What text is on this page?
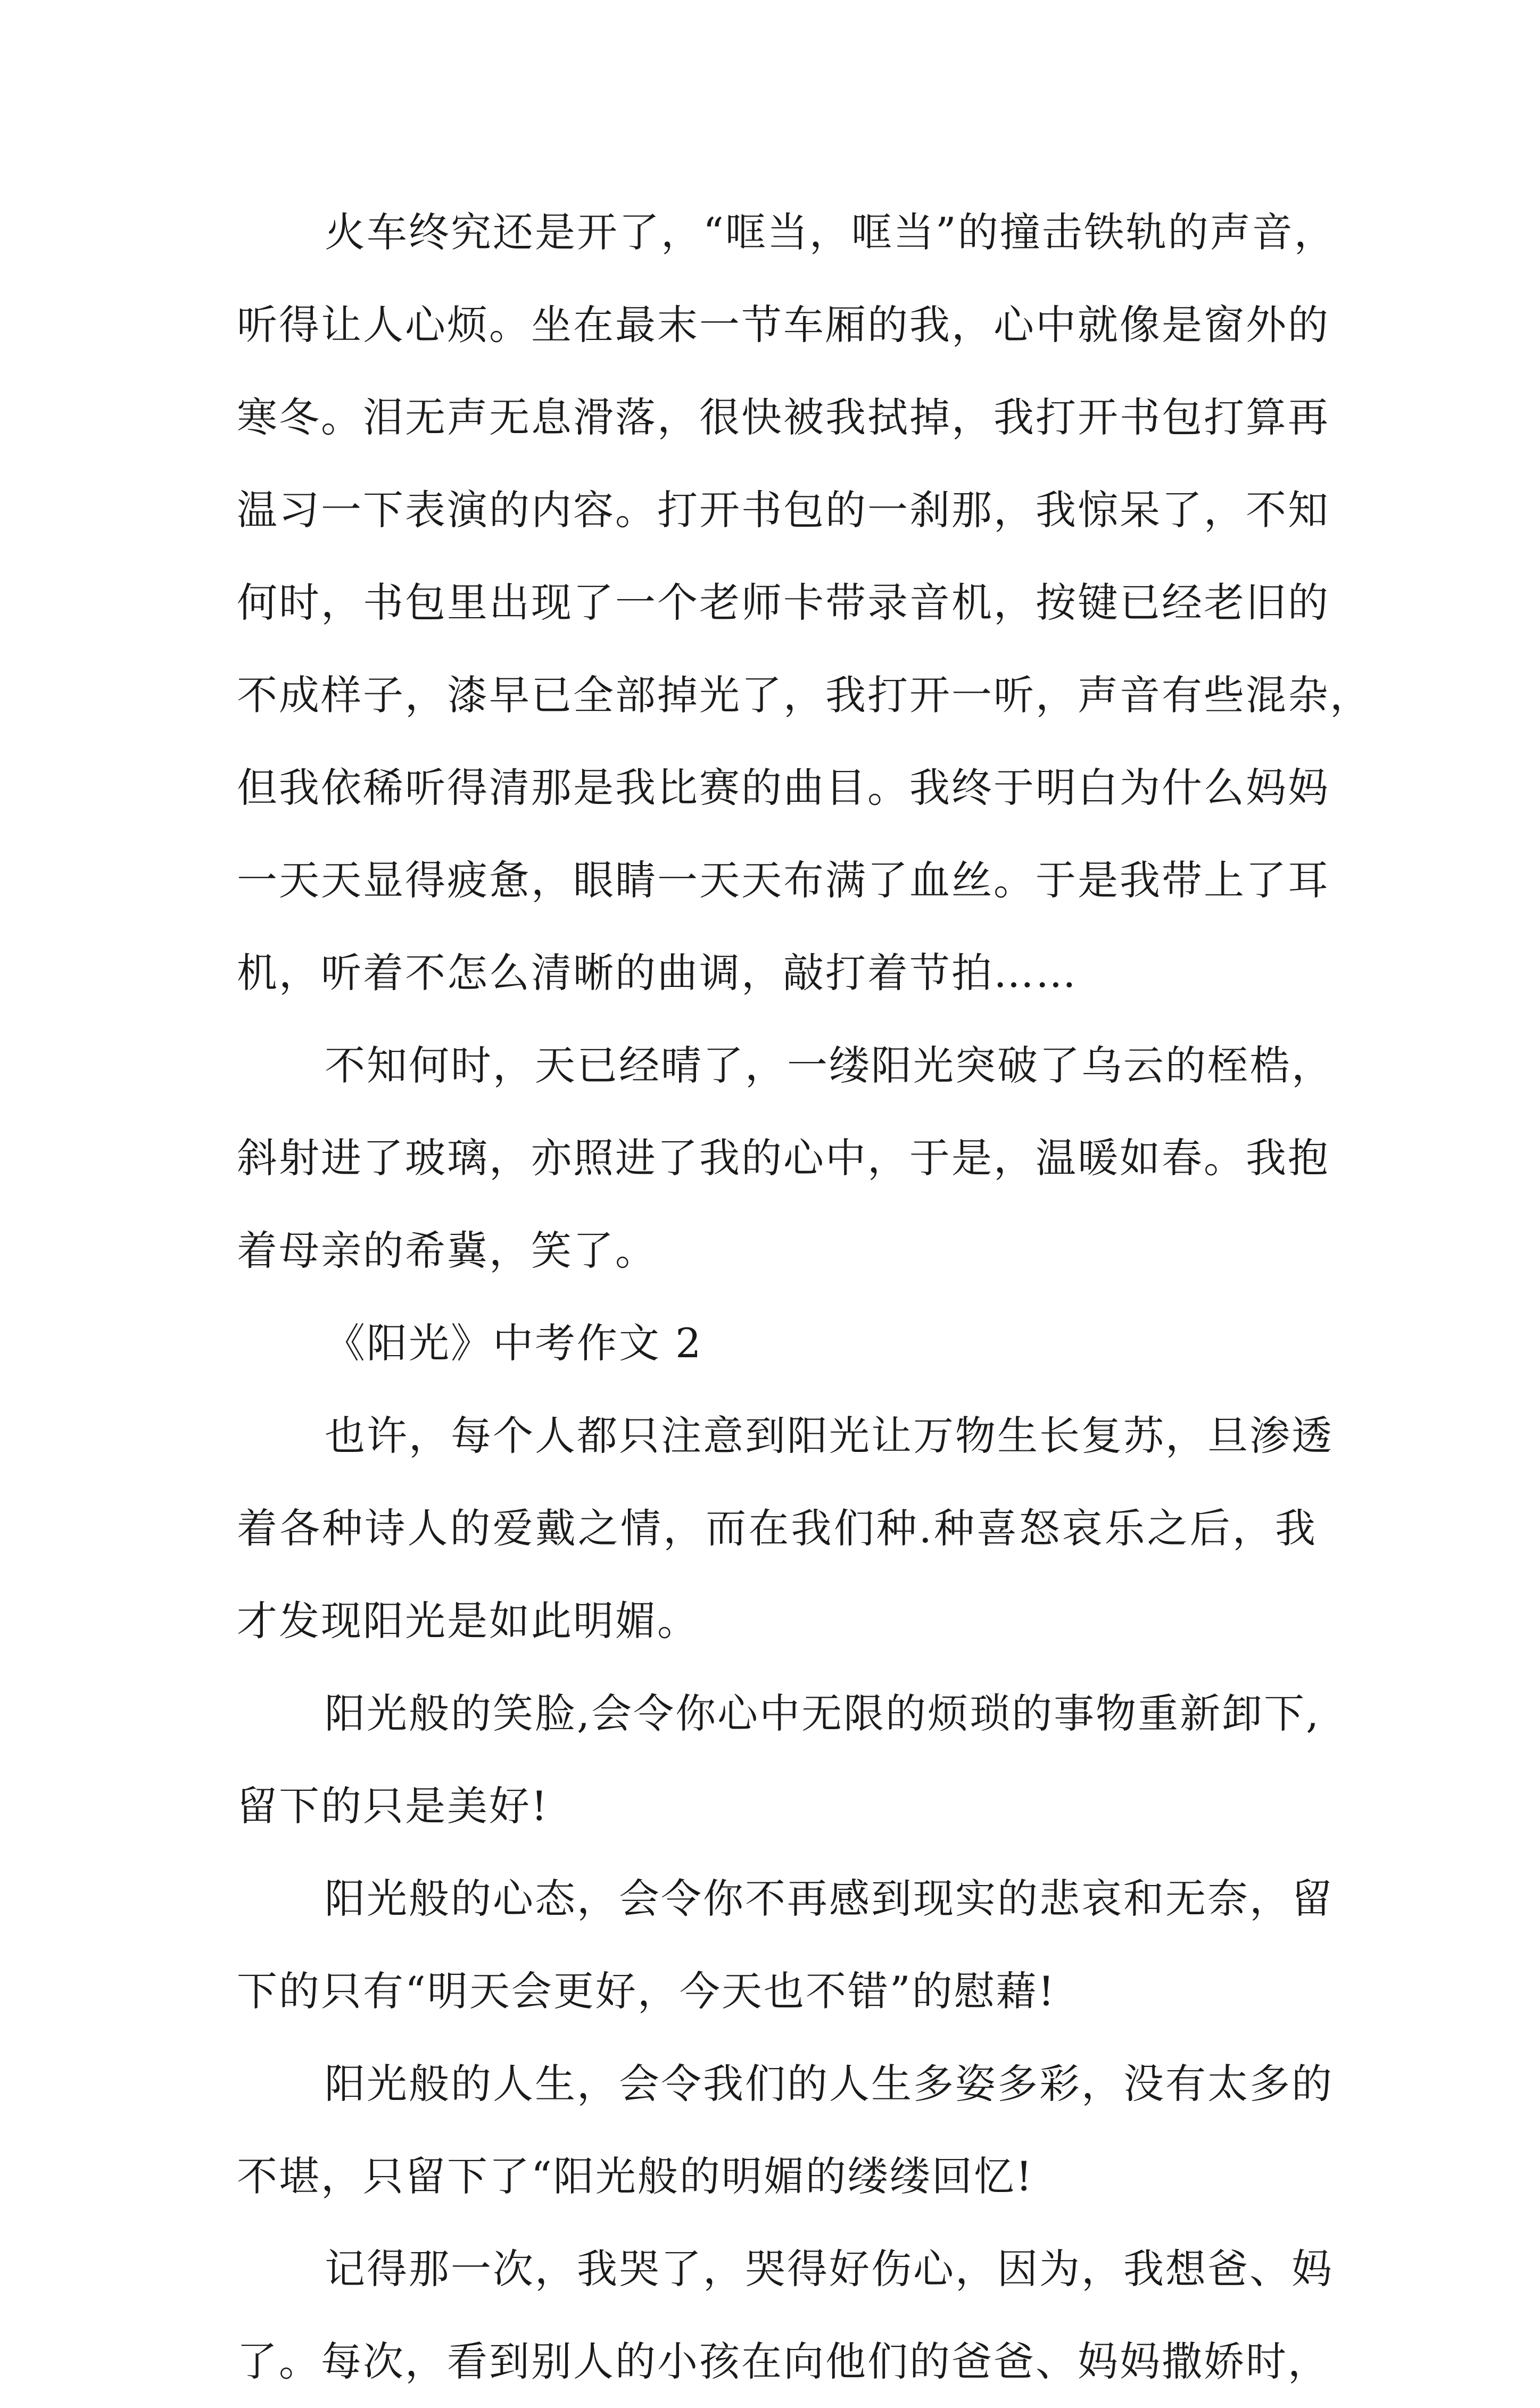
火车终究还是开了，“哐当，哐当”的撞击铁轨的声音，
听得让人心烦。坐在最末一节车厢的我，心中就像是窗外的
寒冬。泪无声无息滑落，很快被我拭掉，我打开书包打算再
温习一下表演的内容。打开书包的一刹那，我惊呆了，不知
何时，书包里出现了一个老师卡带录音机，按键已经老旧的
不成样子，漆早已全部掉光了，我打开一听，声音有些混杂，
但我依稀听得清那是我比赛的曲目。我终于明白为什么妈妈
一天天显得疲惫，眼睛一天天布满了血丝。于是我带上了耳
机，听着不怎么清晰的曲调，敲打着节拍……
不知何时，天已经晴了，一缕阳光突破了乌云的桎梏，
斜射进了玻璃，亦照进了我的心中，于是，温暖如春。我抱
着母亲的希冀，笑了。
《阳光》中考作文 2
也许，每个人都只注意到阳光让万物生长复苏，旦渗透
着各种诗人的爱戴之情，而在我们种.种喜怒哀乐之后，我
才发现阳光是如此明媚。
阳光般的笑脸,会令你心中无限的烦琐的事物重新卸下,
留下的只是美好!
阳光般的心态，会令你不再感到现实的悲哀和无奈，留
下的只有“明天会更好，今天也不错”的慰藉!
阳光般的人生，会令我们的人生多姿多彩，没有太多的
不堪，只留下了“阳光般的明媚的缕缕回忆!
记得那一次，我哭了，哭得好伤心，因为，我想爸、妈
了。每次，看到别人的小孩在向他们的爸爸、妈妈撒娇时，
